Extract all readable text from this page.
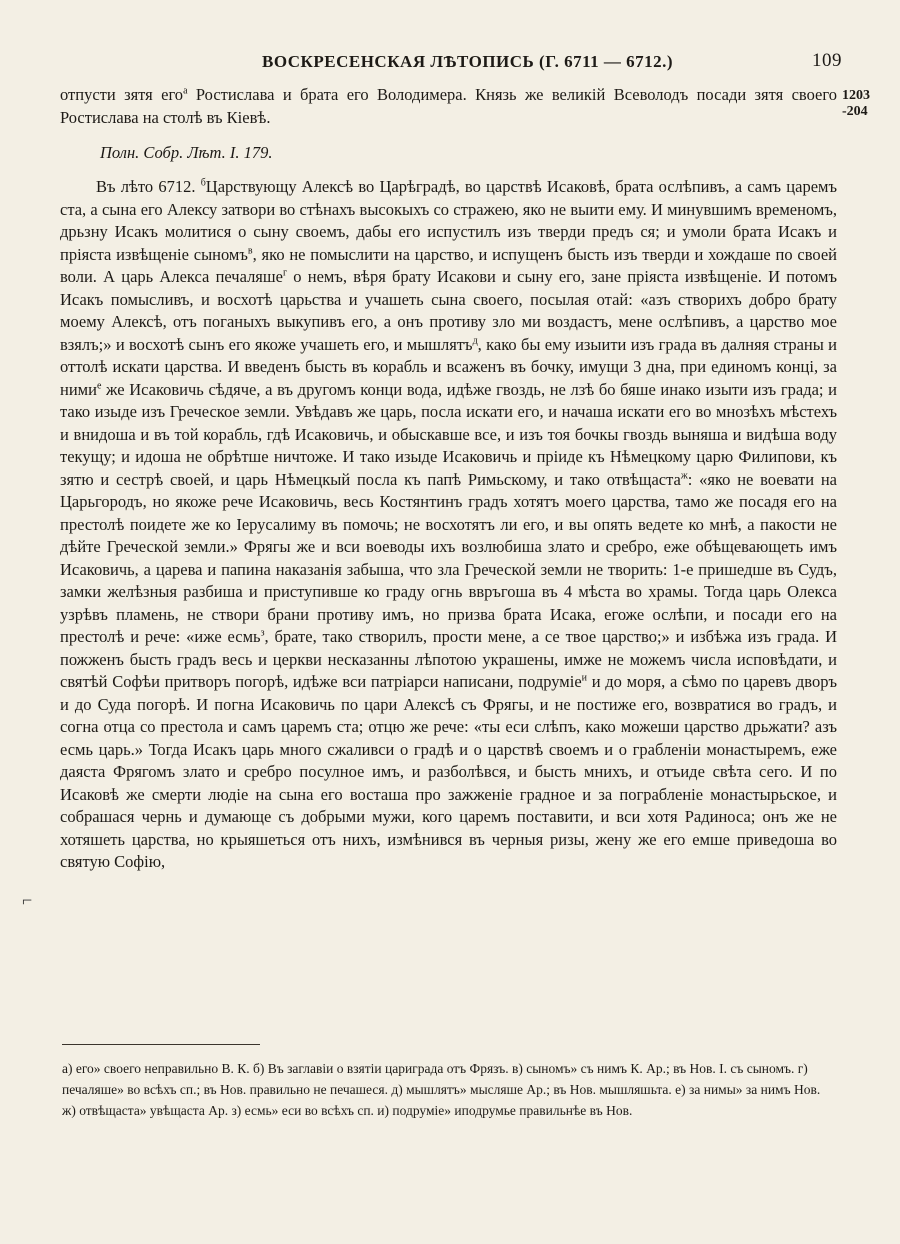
ВОСКРЕСЕНСКАЯ ЛѢТОПИСЬ (Г. 6711 — 6712.)	109
1203
-204
отпусти зятя его$^а$ Ростислава и брата его Володимера. Князь же великій Всеволодъ посади зятя своего Ростислава на столѣ въ Кіевѣ.
Полн. Собр. Лѣт. I. 179.
Въ лѣто 6712. $^б$Царствующу Алексѣ во Царѣградѣ, во царствѣ Исаковѣ, брата ослѣпивъ, а самъ царемъ ста, а сына его Алексу затвори во стѣнахъ высокыхъ со стражею, яко не выити ему. И минувшимъ временомъ, дрьзну Исакъ молитися о сыну своемъ, дабы его испустилъ изъ тверди предъ ся; и умоли брата Исакъ и пріяста извѣщеніе сыномъ$^в$, яко не помыслити на царство, и испущенъ бысть изъ тверди и хождаше по своей воли. А царь Алекса печаляше$^г$ о немъ, вѣря брату Исакови и сыну его, зане пріяста извѣщеніе. И потомъ Исакъ помысливъ, и восхотѣ царьства и учашеть сына своего, посылая отай: «азъ створихъ добро брату моему Алексѣ, отъ поганыхъ выкупивъ его, а онъ противу зло ми воздастъ, мене ослѣпивъ, а царство мое взялъ;» и восхотѣ сынъ его якоже учашеть его, и мышлятъ$^д$, како бы ему изыити изъ града въ далняя страны и оттолѣ искати царства. И введенъ бысть въ корабль и всаженъ въ бочку, имущи 3 дна, при единомъ концi, за ними$^е$ же Исаковичь сѣдяче, а въ другомъ конци вода, идѣже гвоздь, не лзѣ бо бяше инако изыти изъ града; и тако изыде изъ Греческое земли. Увѣдавъ же царь, посла искати его, и начаша искати его во мнозѣхъ мѣстехъ и внидоша и въ той корабль, гдѣ Исаковичь, и обыскавше все, и изъ тоя бочкы гвоздь выняша и видѣша воду текущу; и идоша не обрѣтше ничтоже. И тако изыде Исаковичь и пріиде къ Нѣмецкому царю Филипови, къ зятю и сестрѣ своей, и царь Нѣмецкый посла къ папѣ Римьскому, и тако отвѣщаста$^ж$: «яко не воевати на Царьгородъ, но якоже рече Исаковичь, весь Костянтинъ градъ хотятъ моего царства, тамо же посадя его на престолѣ поидете же ко Іерусалиму въ помочь; не восхотятъ ли его, и вы опять ведете ко мнѣ, а пакости не дѣйте Греческой земли.» Фрягы же и вси воеводы ихъ возлюбиша злато и сребро, еже обѣщевающеть имъ Исаковичь, а царева и папина наказанія забыша, что зла Греческой земли не творить: 1-е пришедше въ Судъ, замки желѣзныя разбиша и приступивше ко граду огнь ввръгоша въ 4 мѣста во храмы. Тогда царь Олекса узрѣвъ пламень, не створи брани противу имъ, но призва брата Исака, егоже ослѣпи, и посади его на престолѣ и рече: «иже есмь$^з$, брате, тако створилъ, прости мене, а се твое царство;» и избѣжа изъ града. И пожженъ бысть градъ весь и церкви несказанны лѣпотою украшены, имже не можемъ числа исповѣдати, и святѣй Софѣи притворъ погорѣ, идѣже вси патріарси написани, подруміе$^и$ и до моря, а сѣмо по царевъ дворъ и до Суда погорѣ. И погна Исаковичь по цари Алексѣ съ Фрягы, и не постиже его, возвратися во градъ, и согна отца со престола и самъ царемъ ста; отцю же рече: «ты еси слѣпъ, како можеши царство дрьжати? азъ есмь царь.» Тогда Исакъ царь много сжаливси о градѣ и о царствѣ своемъ и о грабленіи монастыремъ, еже даяста Фрягомъ злато и сребро посулное имъ, и разболѣвся, и бысть мнихъ, и отъиде свѣта сего. И по Исаковѣ же смерти людіе на сына его восташа про зажженіе градное и за пограбленіе монастырьское, и собрашася чернь и думающе съ добрыми мужи, кого царемъ поставити, и вси хотя Радиноса; онъ же не хотяшеть царства, но крыяшеться отъ нихъ, измѣнився въ черныя ризы, жену же его емше приведоша во святую Софію,
⌐
а) его» своего неправильно В. К. б) Въ заглавіи о взятіи цариграда отъ Фрязъ. в) сыномъ» съ нимъ К. Ар.; въ Нов. I. съ сыномъ. г) печаляше» во всѣхъ сп.; въ Нов. правильно не печашеся. д) мышлятъ» мысляше Ар.; въ Нов. мышляшьта. е) за нимы» за нимъ Нов. ж) отвѣщаста» увѣщаста Ар. з) есмь» еси во всѣхъ сп. и) подруміе» иподрумье правильнѣе въ Нов.
